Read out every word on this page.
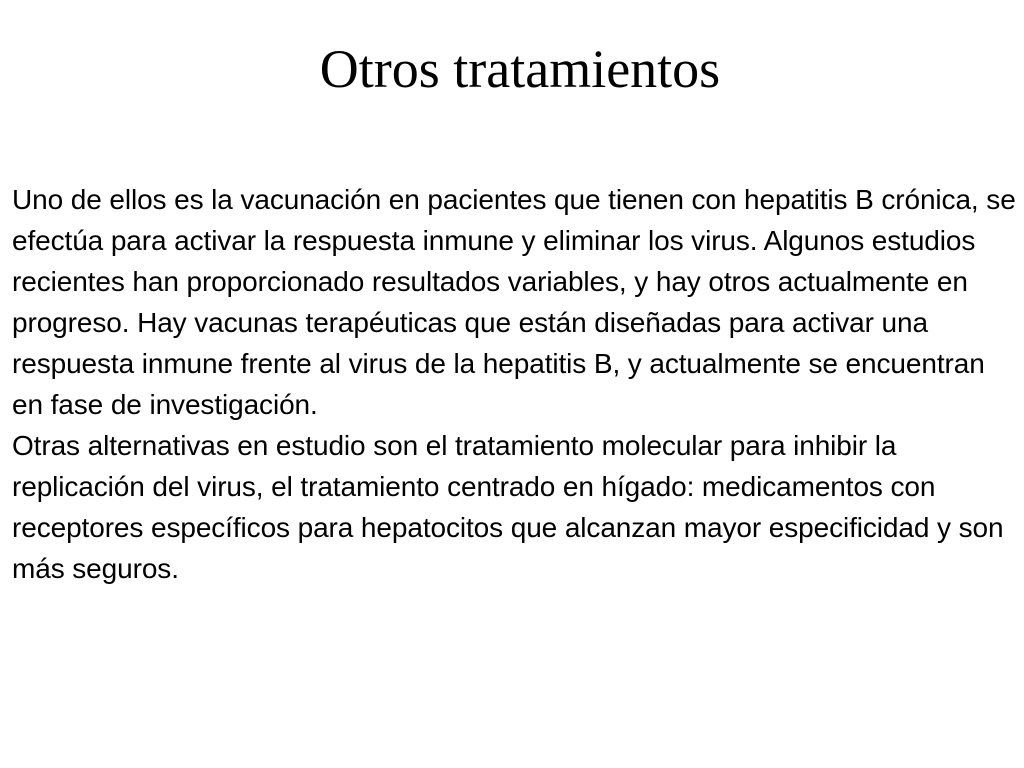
Otros tratamientos

Uno de ellos es la vacunación en pacientes que tienen con hepatitis B crónica, se efectúa para activar la respuesta inmune y eliminar los virus. Algunos estudios recientes han proporcionado resultados variables, y hay otros actualmente en progreso. Hay vacunas terapéuticas que están diseñadas para activar una respuesta inmune frente al virus de la hepatitis B, y actualmente se encuentran en fase de investigación.

Otras alternativas en estudio son el tratamiento molecular para inhibir la replicación del virus, el tratamiento centrado en hígado: medicamentos con receptores específicos para hepatocitos que alcanzan mayor especificidad y son más seguros.
